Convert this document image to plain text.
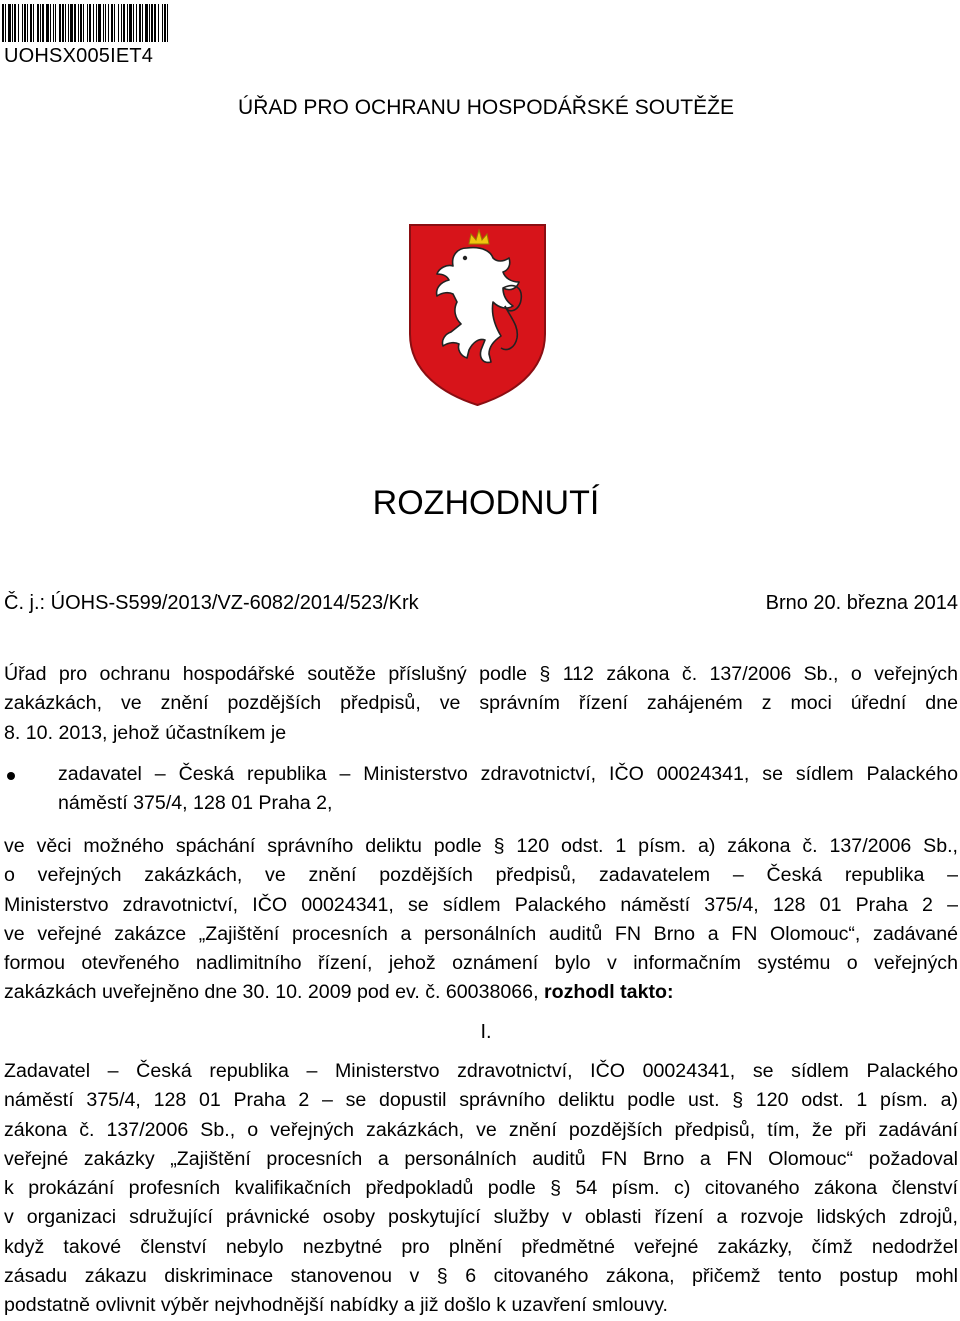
UOHSX005IET4
ÚŘAD PRO OCHRANU HOSPODÁŘSKÉ SOUTĚŽE
ROZHODNUTÍ
Č. j.: ÚOHS-S599/2013/VZ-6082/2014/523/Krk	Brno 20. března 2014
Úřad pro ochranu hospodářské soutěže příslušný podle § 112 zákona č. 137/2006 Sb., o veřejných
zakázkách, ve znění pozdějších předpisů, ve správním řízení zahájeném z moci úřední dne
8. 10. 2013, jehož účastníkem je
zadavatel – Česká republika – Ministerstvo zdravotnictví, IČO 00024341, se sídlem Palackého
náměstí 375/4, 128 01 Praha 2,
ve věci možného spáchání správního deliktu podle § 120 odst. 1 písm. a) zákona č. 137/2006 Sb.,
o veřejných zakázkách, ve znění pozdějších předpisů, zadavatelem – Česká republika –
Ministerstvo zdravotnictví, IČO 00024341, se sídlem Palackého náměstí 375/4, 128 01 Praha 2 –
ve veřejné zakázce „Zajištění procesních a personálních auditů FN Brno a FN Olomouc“, zadávané
formou otevřeného nadlimitního řízení, jehož oznámení bylo v informačním systému o veřejných
zakázkách uveřejněno dne 30. 10. 2009 pod ev. č. 60038066, rozhodl takto:
I.
Zadavatel – Česká republika – Ministerstvo zdravotnictví, IČO 00024341, se sídlem Palackého
náměstí 375/4, 128 01 Praha 2 – se dopustil správního deliktu podle ust. § 120 odst. 1 písm. a)
zákona č. 137/2006 Sb., o veřejných zakázkách, ve znění pozdějších předpisů, tím, že při zadávání
veřejné zakázky „Zajištění procesních a personálních auditů FN Brno a FN Olomouc“ požadoval
k prokázání profesních kvalifikačních předpokladů podle § 54 písm. c) citovaného zákona členství
v organizaci sdružující právnické osoby poskytující služby v oblasti řízení a rozvoje lidských zdrojů,
když takové členství nebylo nezbytné pro plnění předmětné veřejné zakázky, čímž nedodržel
zásadu zákazu diskriminace stanovenou v § 6 citovaného zákona, přičemž tento postup mohl
podstatně ovlivnit výběr nejvhodnější nabídky a již došlo k uzavření smlouvy.
